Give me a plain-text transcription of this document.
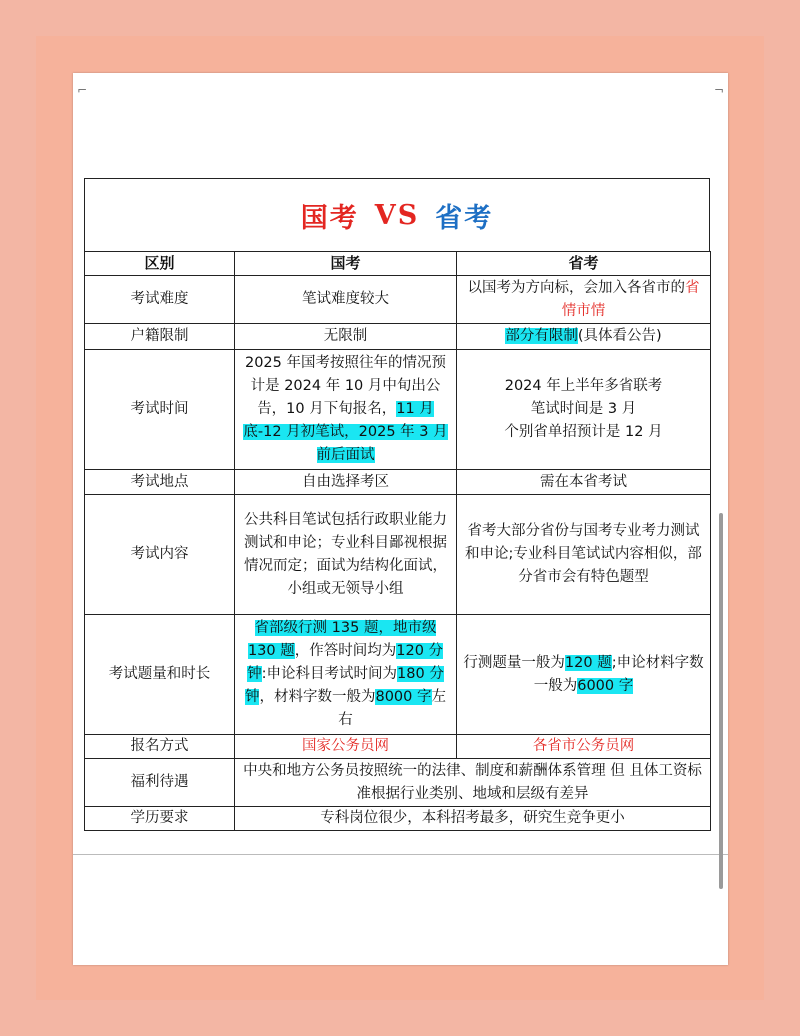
⌐	¬
国考 VS 省考
区别	国考	省考
考试难度	笔试难度较大	以国考为方向标，会加入各省市的省情市情
户籍限制	无限制	部分有限制(具体看公告)
考试时间	2025 年国考按照往年的情况预计是 2024 年 10 月中旬出公告，10 月下旬报名，11 月底-12 月初笔试，2025 年 3 月前后面试	2024 年上半年多省联考
笔试时间是 3 月
个别省单招预计是 12 月

考试地点	自由选择考区	需在本省考试
考试内容	公共科目笔试包括行政职业能力测试和申论；专业科目鄙视根据情况而定；面试为结构化面试，小组或无领导小组	省考大部分省份与国考专业考力测试和申论;专业科目笔试试内容相似，部分省市会有特色题型
考试题量和时长	省部级行测 135 题，地市级 130 题，作答时间均为120 分钟:申论科目考试时间为180 分钟，材料字数一般为8000 字左右	行测题量一般为120 题;申论材料字数一般为6000 字
报名方式	国家公务员网	各省市公务员网
福利待遇	中央和地方公务员按照统一的法律、制度和薪酬体系管理 但 且体工资标准根据行业类别、地域和层级有差异	
学历要求	专科岗位很少，本科招考最多，研究生竞争更小	
